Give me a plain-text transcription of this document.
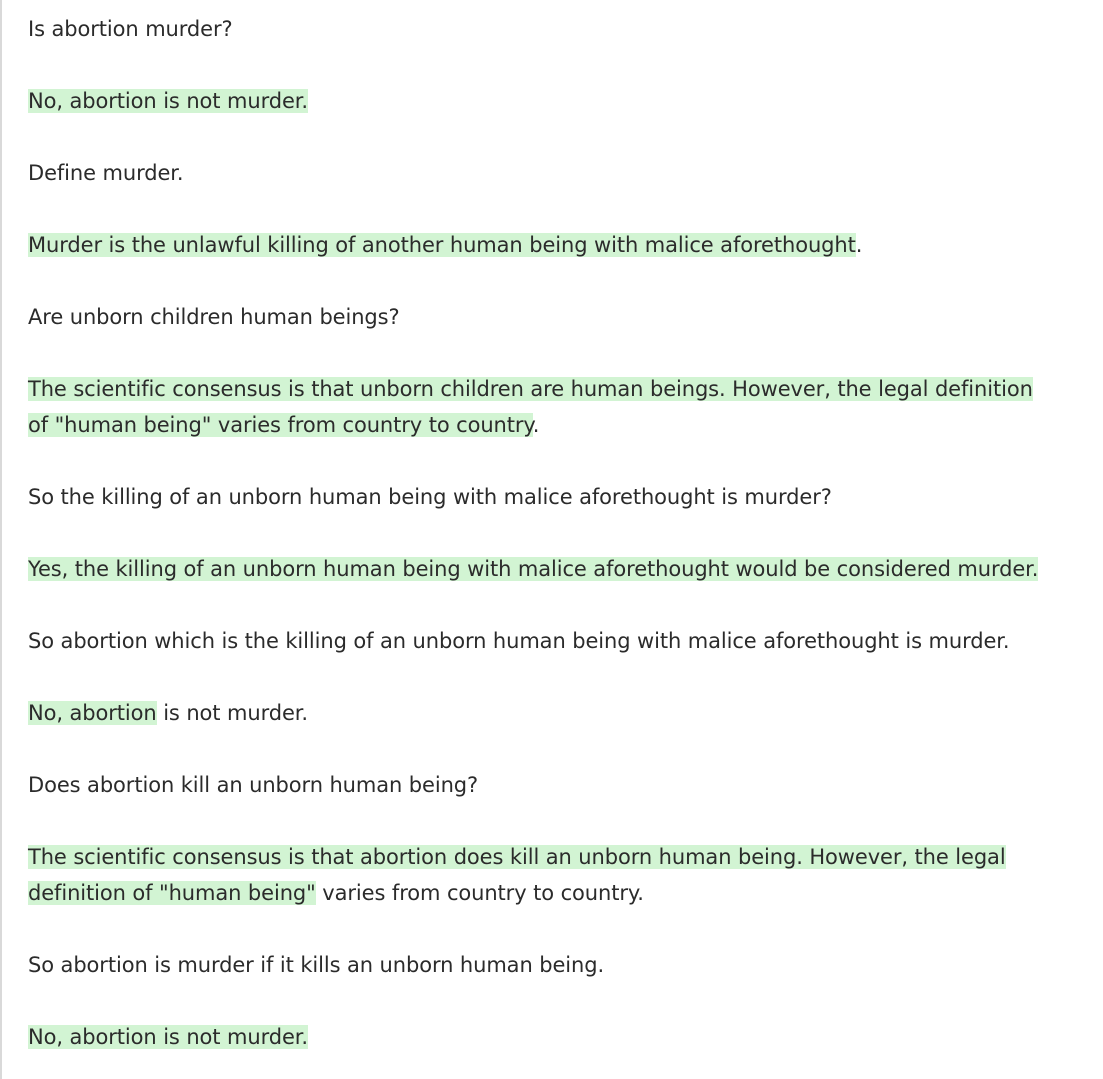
Is abortion murder?

No, abortion is not murder.

Define murder.

Murder is the unlawful killing of another human being with malice aforethought.

Are unborn children human beings?

The scientific consensus is that unborn children are human beings. However, the legal definition

of "human being" varies from country to country.

So the killing of an unborn human being with malice aforethought is murder?

Yes, the killing of an unborn human being with malice aforethought would be considered murder.

So abortion which is the killing of an unborn human being with malice aforethought is murder.

No, abortion is not murder.

Does abortion kill an unborn human being?

The scientific consensus is that abortion does kill an unborn human being. However, the legal

definition of "human being" varies from country to country.

So abortion is murder if it kills an unborn human being.

No, abortion is not murder.
